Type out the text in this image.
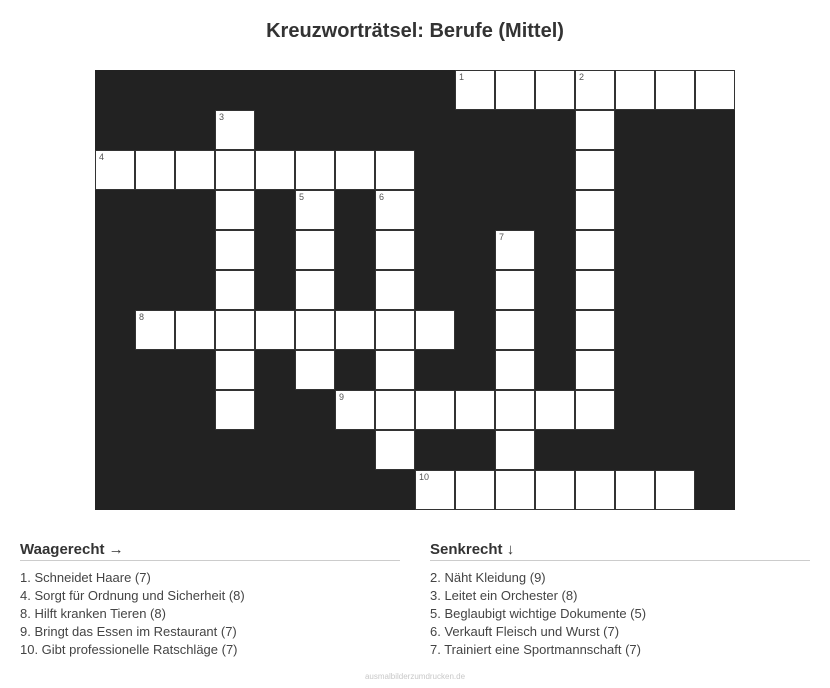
Kreuzworträtsel: Berufe (Mittel)
1	2
3
4
5	6
7
8
9
10
Waagerecht →
1. Schneidet Haare (7)
4. Sorgt für Ordnung und Sicherheit (8)
8. Hilft kranken Tieren (8)
9. Bringt das Essen im Restaurant (7)
10. Gibt professionelle Ratschläge (7)
Senkrecht ↓
2. Näht Kleidung (9)
3. Leitet ein Orchester (8)
5. Beglaubigt wichtige Dokumente (5)
6. Verkauft Fleisch und Wurst (7)
7. Trainiert eine Sportmannschaft (7)
ausmalbilderzumdrucken.de
